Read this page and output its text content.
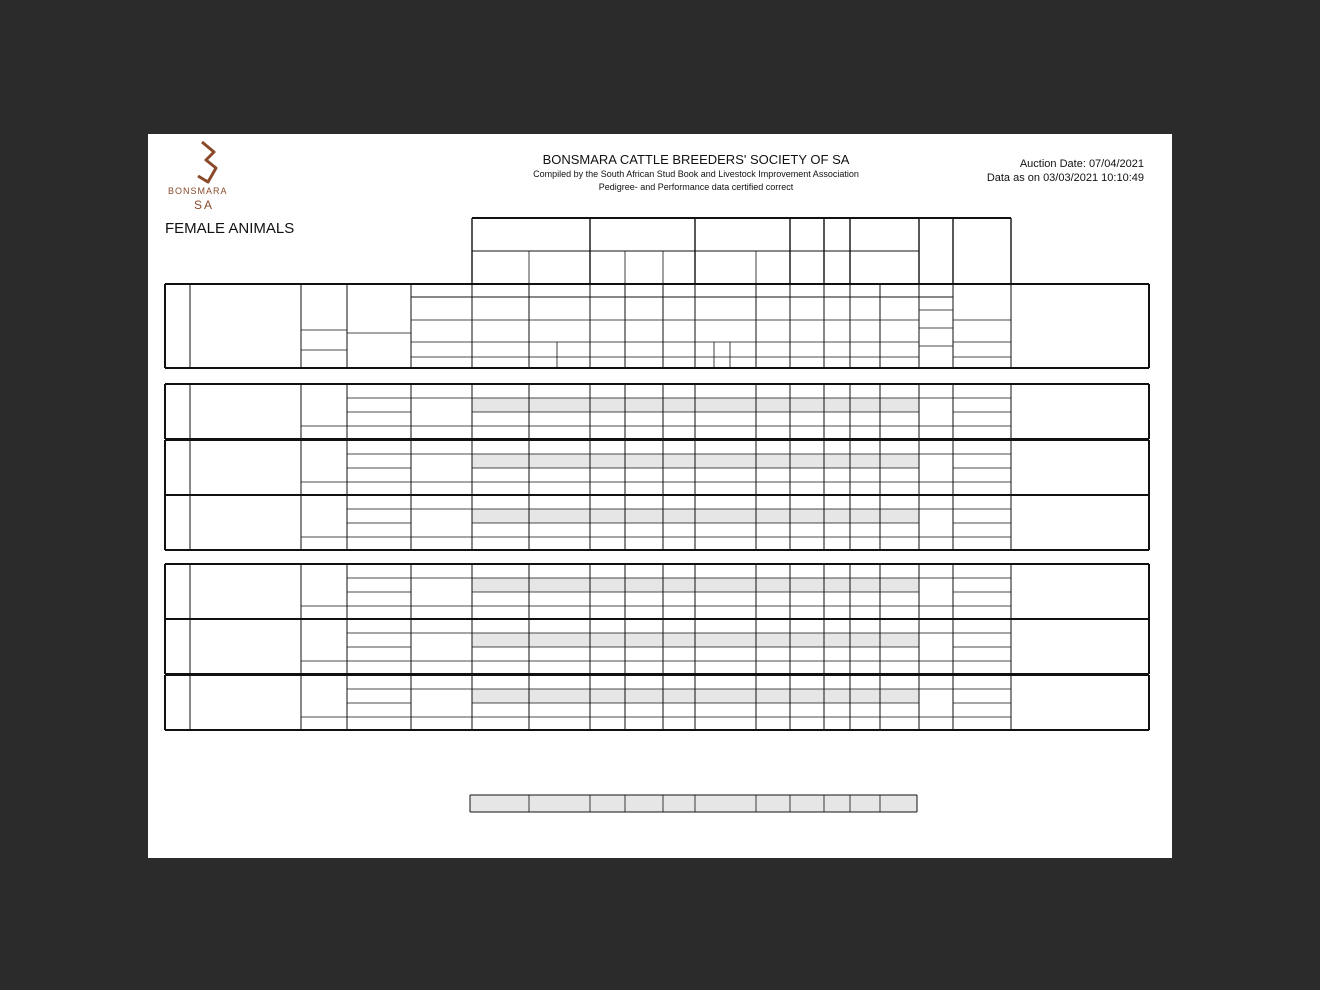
BONSMARA
SA
BONSMARA CATTLE BREEDERS' SOCIETY OF SA
Compiled by the South African Stud Book and Livestock Improvement Association
Pedigree- and Performance data certified correct
Auction Date: 07/04/2021
Data as on 03/03/2021 10:10:49
FEMALE ANIMALS
